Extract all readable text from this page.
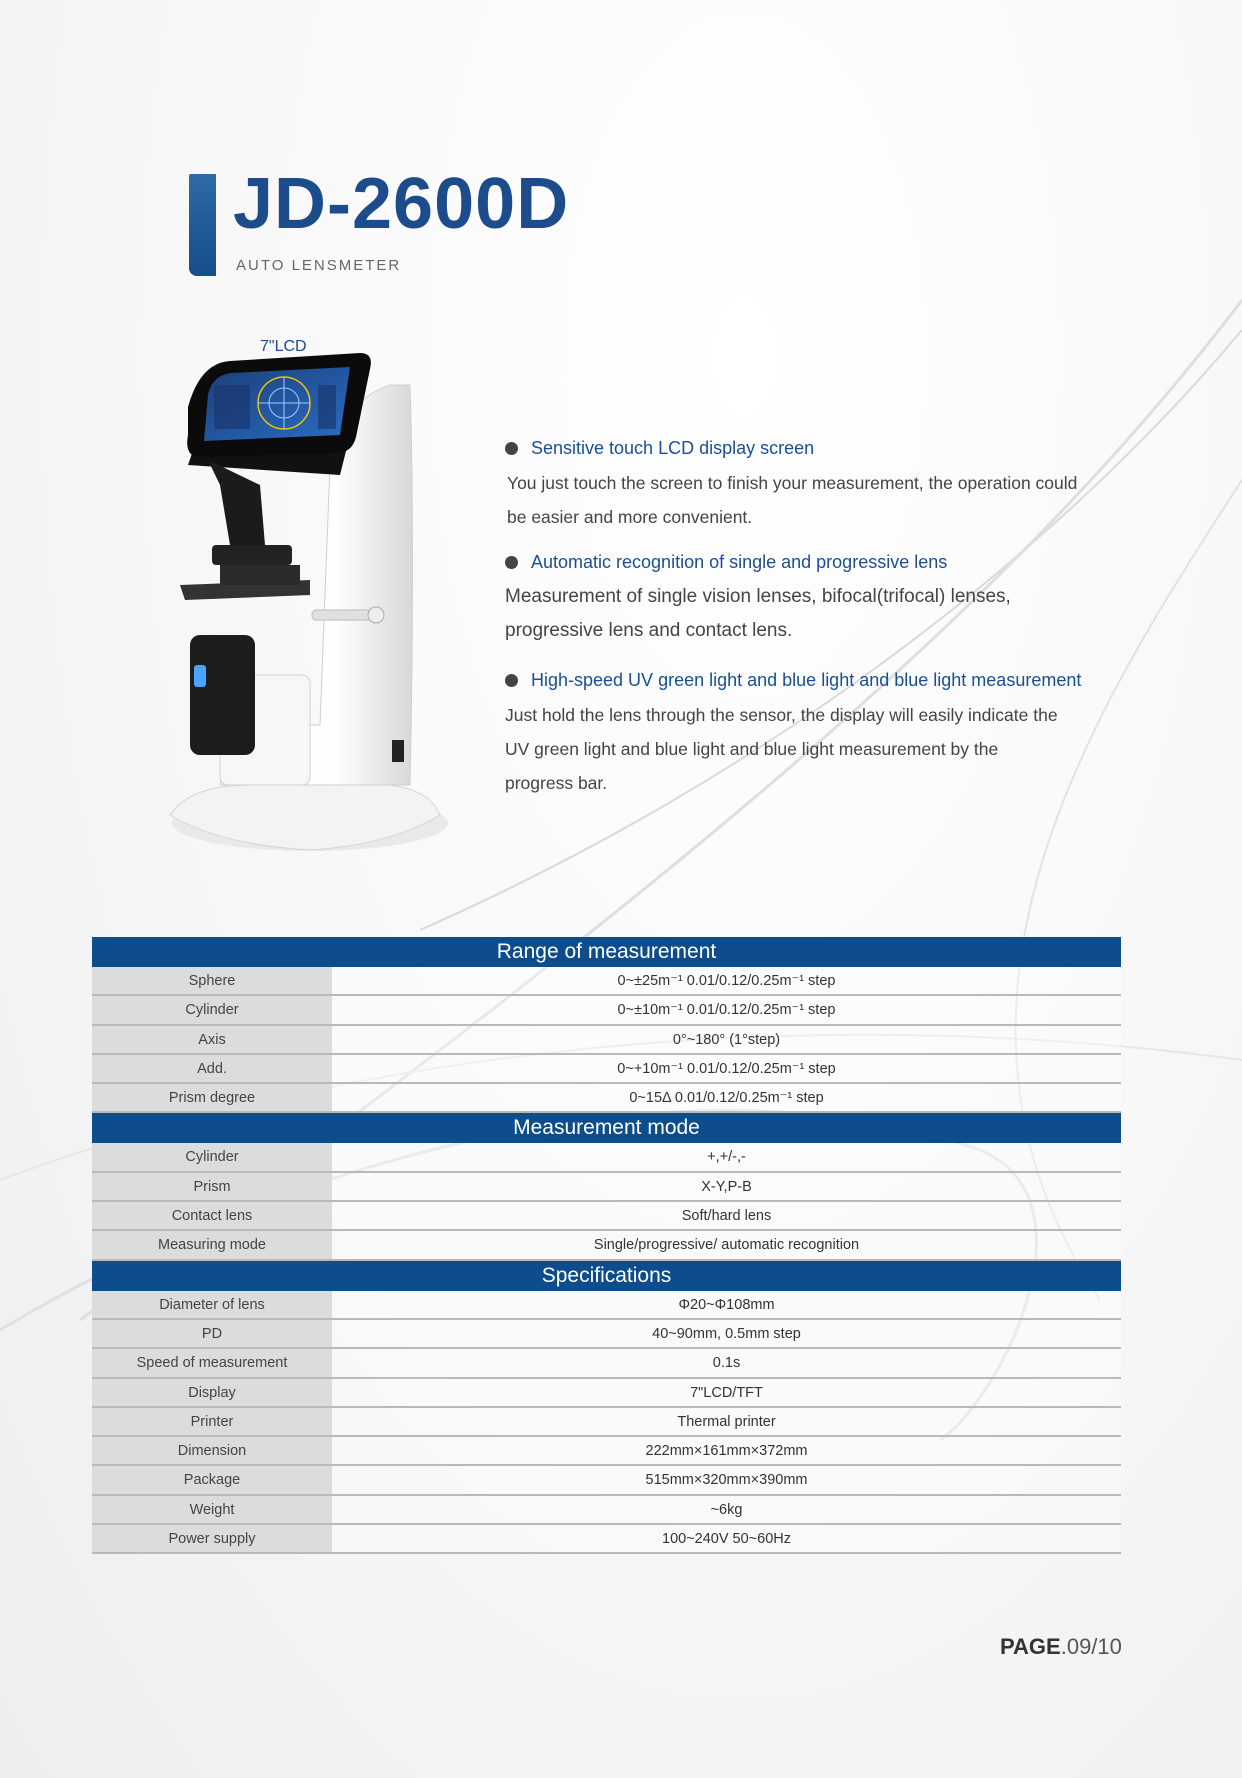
JD-2600D
AUTO LENSMETER
7"LCD
Sensitive touch LCD display screen
You just touch the screen to finish your measurement, the operation could
be easier and more convenient.
Automatic recognition of single and progressive lens
Measurement of single vision lenses, bifocal(trifocal) lenses,
progressive lens and contact lens.
High-speed UV green light and blue light and blue light measurement
Just hold the lens through the sensor, the display will easily indicate the
UV green light and blue light and blue light measurement by the
progress bar.
Range of measurement
Sphere	0~±25m⁻¹ 0.01/0.12/0.25m⁻¹ step
Cylinder	0~±10m⁻¹ 0.01/0.12/0.25m⁻¹ step
Axis	0°~180° (1°step)
Add.	0~+10m⁻¹ 0.01/0.12/0.25m⁻¹ step
Prism degree	0~15Δ 0.01/0.12/0.25m⁻¹ step
Measurement mode
Cylinder	+,+/-,-
Prism	X-Y,P-B
Contact lens	Soft/hard lens
Measuring mode	Single/progressive/ automatic recognition
Specifications
Diameter of lens	Φ20~Φ108mm
PD	40~90mm, 0.5mm step
Speed of measurement	0.1s
Display	7"LCD/TFT
Printer	Thermal printer
Dimension	222mm×161mm×372mm
Package	515mm×320mm×390mm
Weight	~6kg
Power supply	100~240V 50~60Hz
PAGE.09/10
